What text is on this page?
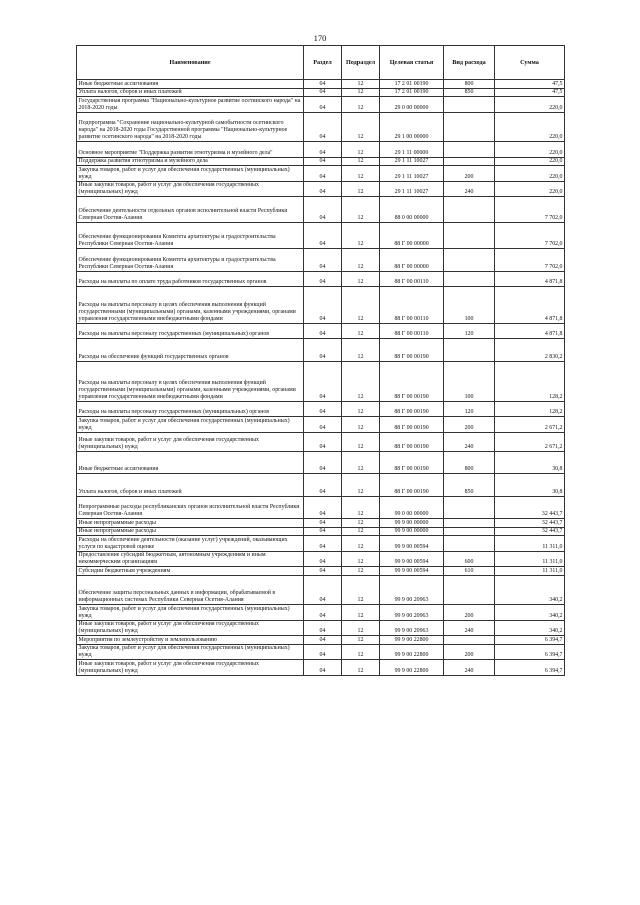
170
Наименование	Раздел	Подраздел	Целевая статья	Вид расхода	Сумма
Иные бюджетные ассигнования	04	12	17 2 01 00190	800	47,5
Уплата налогов, сборов и иных платежей	04	12	17 2 01 00190	850	47,5
Государственная программа "Национально-культурное развитие осетинского народа" на 2018-2020 годы	04	12	29 0 00 00000		220,0
Подпрограмма "Сохранение национально-культурной самобытности осетинского народа" на 2018-2020 годы Государственной программы "Национально-культурное развитие осетинского народа" на 2018-2020 годы	04	12	29 1 00 00000		220,0
Основное мероприятие "Поддержка развития этнотуризма и музейного дела"	04	12	29 1 11 00000		220,0
Поддержка развития этнотуризма и музейного дела	04	12	29 1 11 10027		220,0
Закупка товаров, работ и услуг для обеспечения государственных (муниципальных) нужд	04	12	29 1 11 10027	200	220,0
Иные закупки товаров, работ и услуг для обеспечения государственных (муниципальных) нужд	04	12	29 1 11 10027	240	220,0
Обеспечение деятельности отдельных органов исполнительной власти Республики Северная Осетия-Алания	04	12	88 0 00 00000		7 702,0
Обеспечение функционирования Комитета архитектуры и градостроительства Республики Северная Осетия-Алания	04	12	88 Г 00 00000		7 702,0
Обеспечение функционирования Комитета архитектуры и градостроительства Республики Северная Осетия-Алания	04	12	88 Г 00 00000		7 702,0
Расходы на выплаты по оплате труда работников государственных органов	04	12	88 Г 00 00110		4 871,8
Расходы на выплаты персоналу в целях обеспечения выполнения функций государственными (муниципальными) органами, казенными учреждениями, органами управления государственными внебюджетными фондами	04	12	88 Г 00 00110	100	4 871,8
Расходы на выплаты персоналу государственных (муниципальных) органов	04	12	88 Г 00 00110	120	4 871,8
Расходы на обеспечение функций государственных органов	04	12	88 Г 00 00190		2 830,2
Расходы на выплаты персоналу в целях обеспечения выполнения функций государственными (муниципальными) органами, казенными учреждениями, органами управления государственными внебюджетными фондами	04	12	88 Г 00 00190	100	128,2
Расходы на выплаты персоналу государственных (муниципальных) органов	04	12	88 Г 00 00190	120	128,2
Закупка товаров, работ и услуг для обеспечения государственных (муниципальных) нужд	04	12	88 Г 00 00190	200	2 671,2
Иные закупки товаров, работ и услуг для обеспечения государственных (муниципальных) нужд	04	12	88 Г 00 00190	240	2 671,2
Иные бюджетные ассигнования	04	12	88 Г 00 00190	800	30,8
Уплата налогов, сборов и иных платежей	04	12	88 Г 00 00190	850	30,8
Непрограммные расходы республиканских органов исполнительной власти Республики Северная Осетия-Алания	04	12	99 0 00 00000		32 443,7
Иные непрограммные расходы	04	12	99 9 00 00000		32 443,7
Иные непрограммные расходы	04	12	99 9 00 00000		32 443,7
Расходы на обеспечение деятельности (оказание услуг) учреждений, оказывающих услуги по кадастровой оценке	04	12	99 9 00 00594		11 311,0
Предоставление субсидий бюджетным, автономным учреждениям и иным некоммерческим организациям	04	12	99 9 00 00594	600	11 311,0
Субсидии бюджетным учреждениям	04	12	99 9 00 00594	610	11 311,0
Обеспечение защиты персональных данных в информации, обрабатываемой в информационных системах Республики Северная Осетия-Алания	04	12	99 9 00 20963		340,2
Закупка товаров, работ и услуг для обеспечения государственных (муниципальных) нужд	04	12	99 9 00 20963	200	340,2
Иные закупки товаров, работ и услуг для обеспечения государственных (муниципальных) нужд	04	12	99 9 00 20963	240	340,2
Мероприятия по землеустройству и землепользованию	04	12	99 9 00 22800		6 394,7
Закупка товаров, работ и услуг для обеспечения государственных (муниципальных) нужд	04	12	99 9 00 22800	200	6 394,7
Иные закупки товаров, работ и услуг для обеспечения государственных (муниципальных) нужд	04	12	99 9 00 22800	240	6 394,7
